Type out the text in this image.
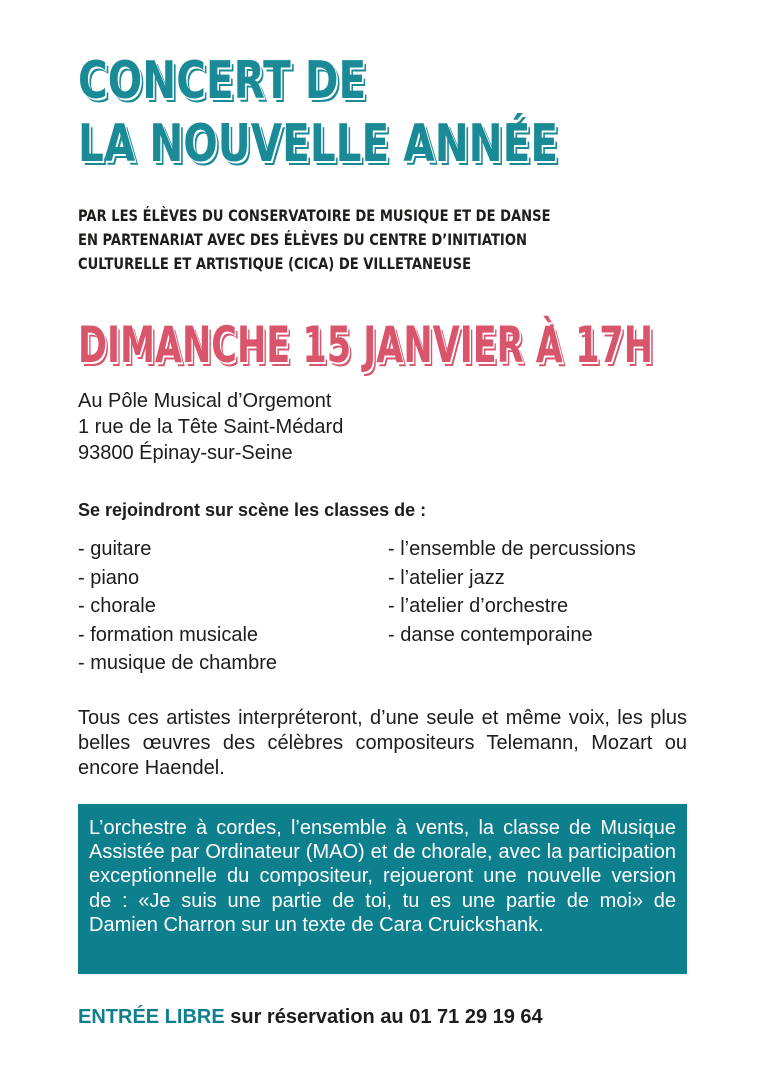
CONCERT DE
LA NOUVELLE ANNÉE
PAR LES ÉLÈVES DU CONSERVATOIRE DE MUSIQUE ET DE DANSE
EN PARTENARIAT AVEC DES ÉLÈVES DU CENTRE D’INITIATION
CULTURELLE ET ARTISTIQUE (CICA) DE VILLETANEUSE
DIMANCHE 15 JANVIER À 17H
Au Pôle Musical d’Orgemont
1 rue de la Tête Saint-Médard
93800 Épinay-sur-Seine
Se rejoindront sur scène les classes de :
- guitare
- piano
- chorale
- formation musicale
- musique de chambre
- l’ensemble de percussions
- l’atelier jazz
- l’atelier d’orchestre
- danse contemporaine
Tous ces artistes interpréteront, d’une seule et même voix, les plus belles œuvres des célèbres compositeurs Telemann, Mozart ou encore Haendel.
L’orchestre à cordes, l’ensemble à vents, la classe de Musique Assistée par Ordinateur (MAO) et de chorale, avec la participation exceptionnelle du compositeur, rejoueront une nouvelle version de : «Je suis une partie de toi, tu es une partie de moi» de Damien Charron sur un texte de Cara Cruickshank.
ENTRÉE LIBRE sur réservation au 01 71 29 19 64
